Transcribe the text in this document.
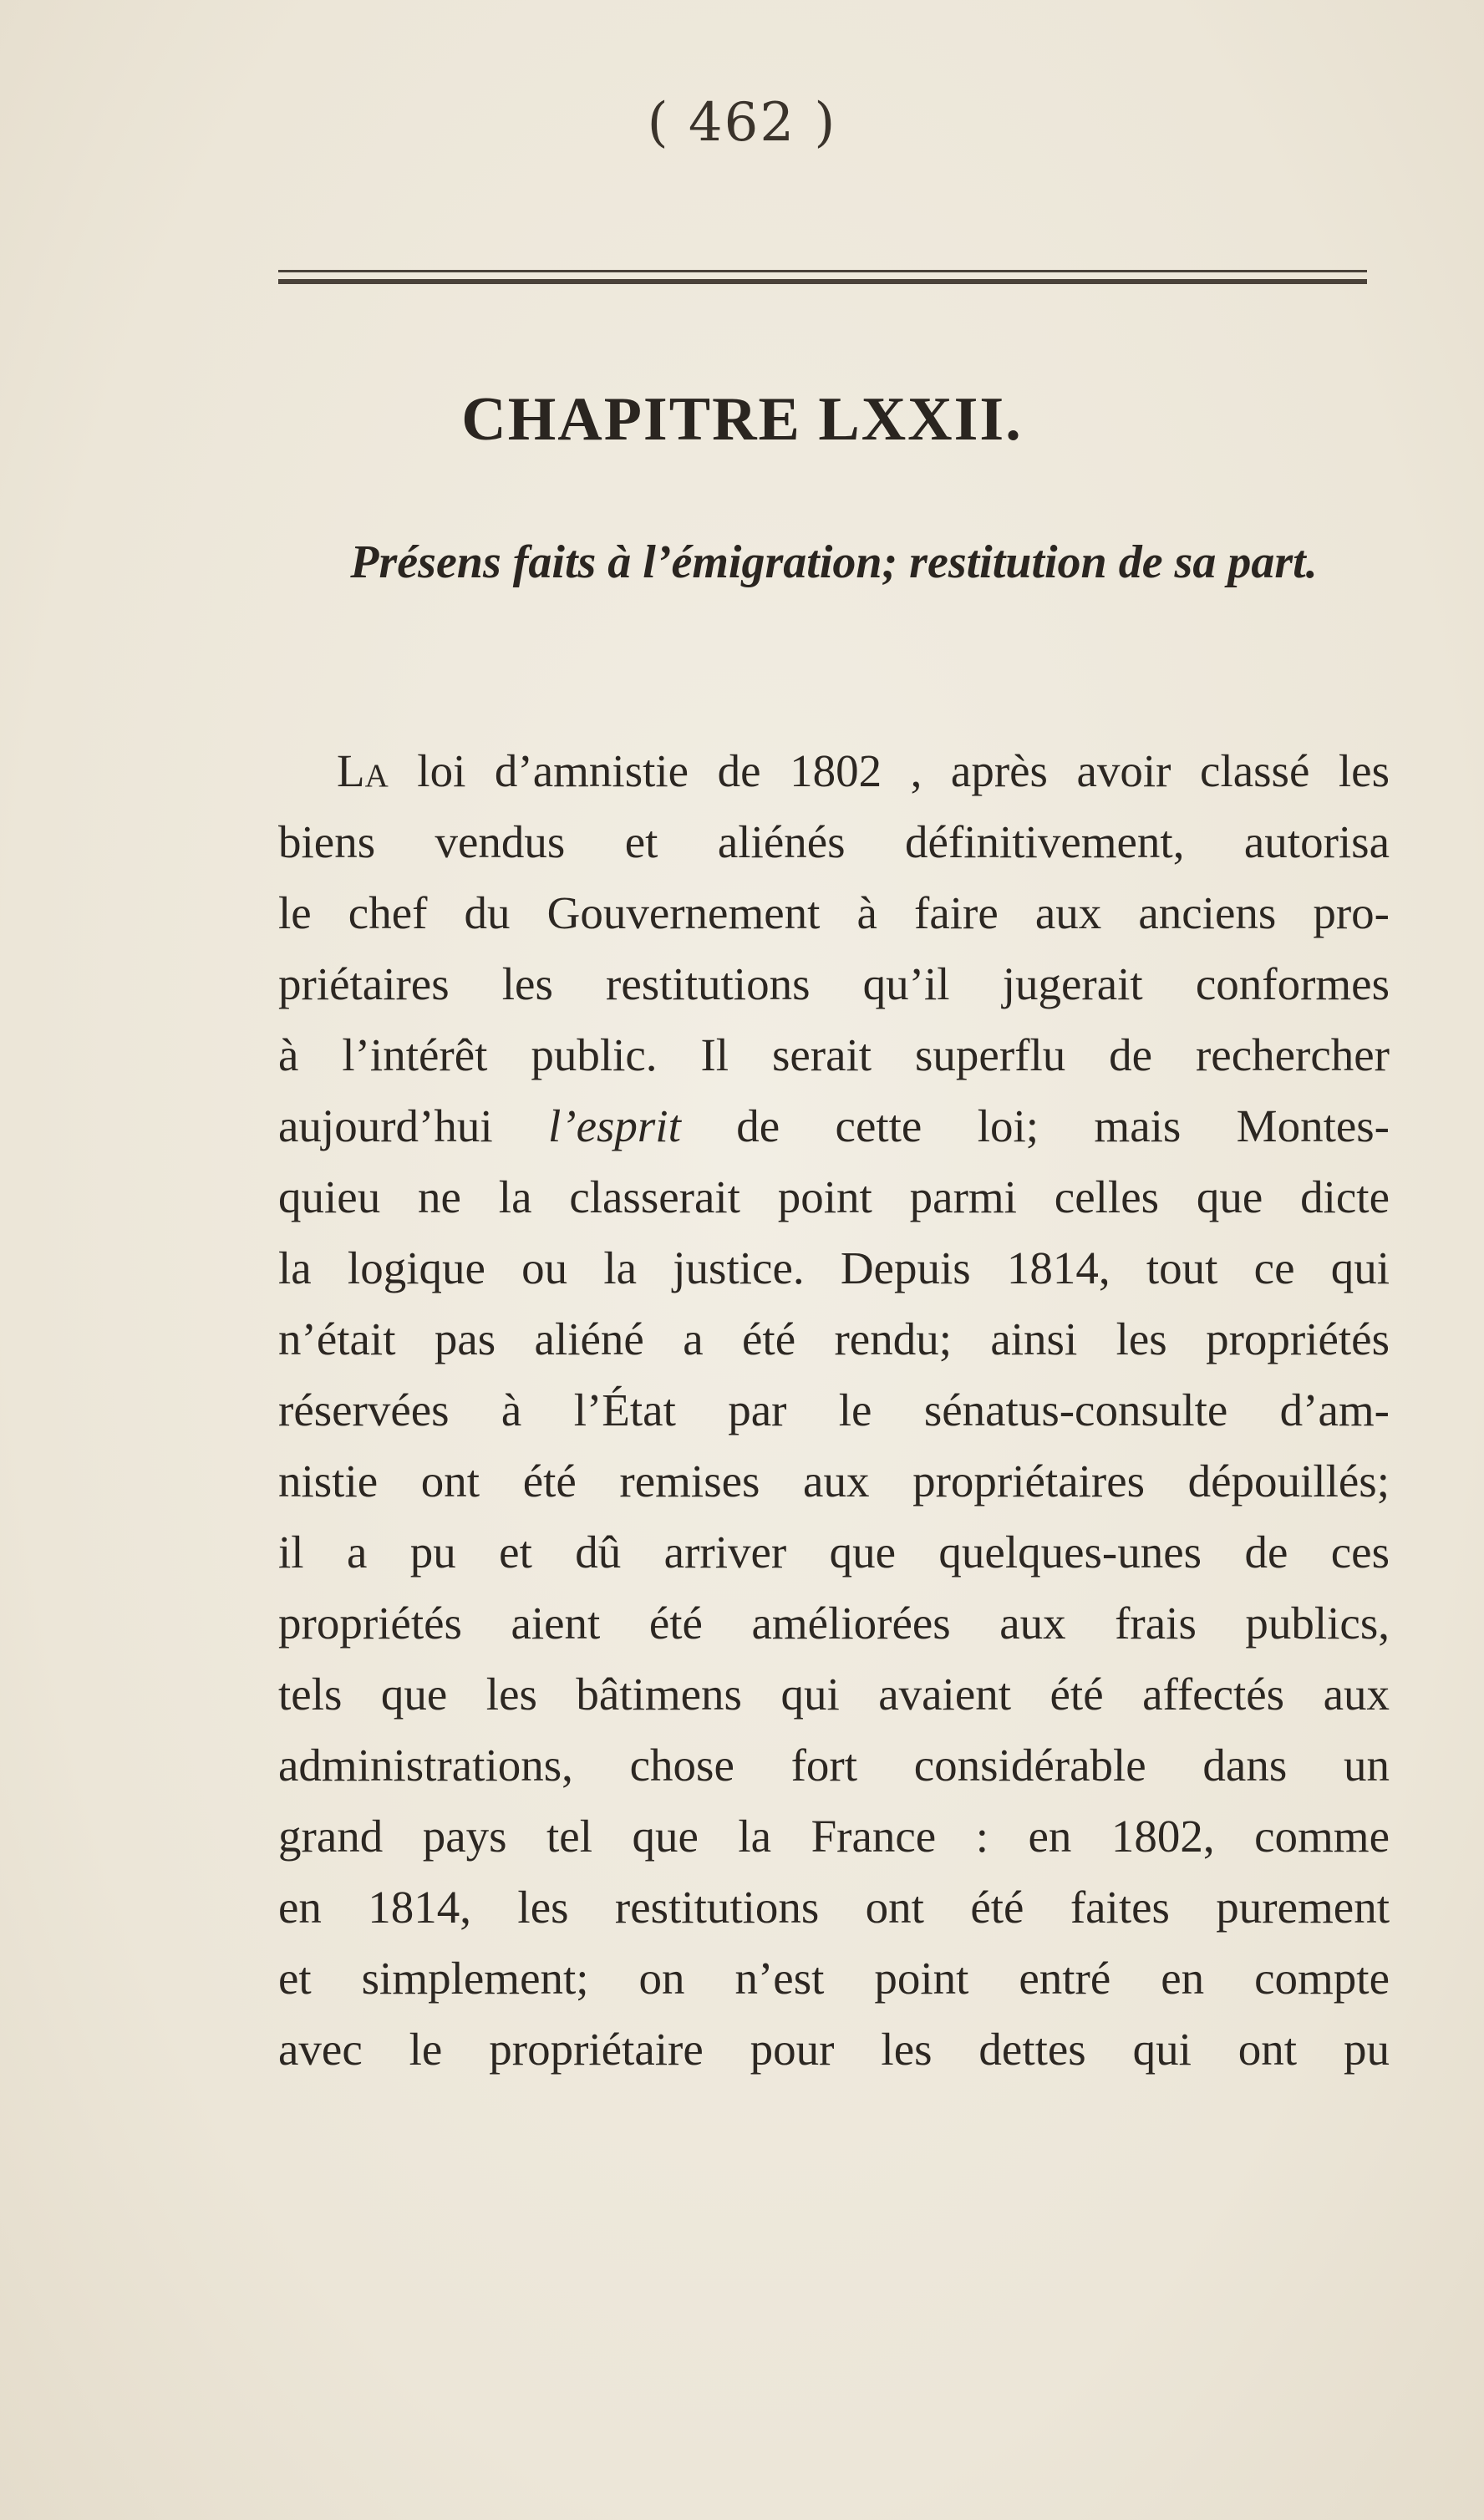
( 462 )
CHAPITRE LXXII.
Présens faits à l’émigration; restitution de sa part.
La loi d’amnistie de 1802 , après avoir classé les
biens vendus et aliénés définitivement, autorisa
le chef du Gouvernement à faire aux anciens pro-
priétaires les restitutions qu’il jugerait conformes
à l’intérêt public. Il serait superflu de rechercher
aujourd’hui l’esprit de cette loi; mais Montes-
quieu ne la classerait point parmi celles que dicte
la logique ou la justice. Depuis 1814, tout ce qui
n’était pas aliéné a été rendu; ainsi les propriétés
réservées à l’État par le sénatus-consulte d’am-
nistie ont été remises aux propriétaires dépouillés;
il a pu et dû arriver que quelques-unes de ces
propriétés aient été améliorées aux frais publics,
tels que les bâtimens qui avaient été affectés aux
administrations, chose fort considérable dans un
grand pays tel que la France : en 1802, comme
en 1814, les restitutions ont été faites purement
et simplement; on n’est point entré en compte
avec le propriétaire pour les dettes qui ont pu
